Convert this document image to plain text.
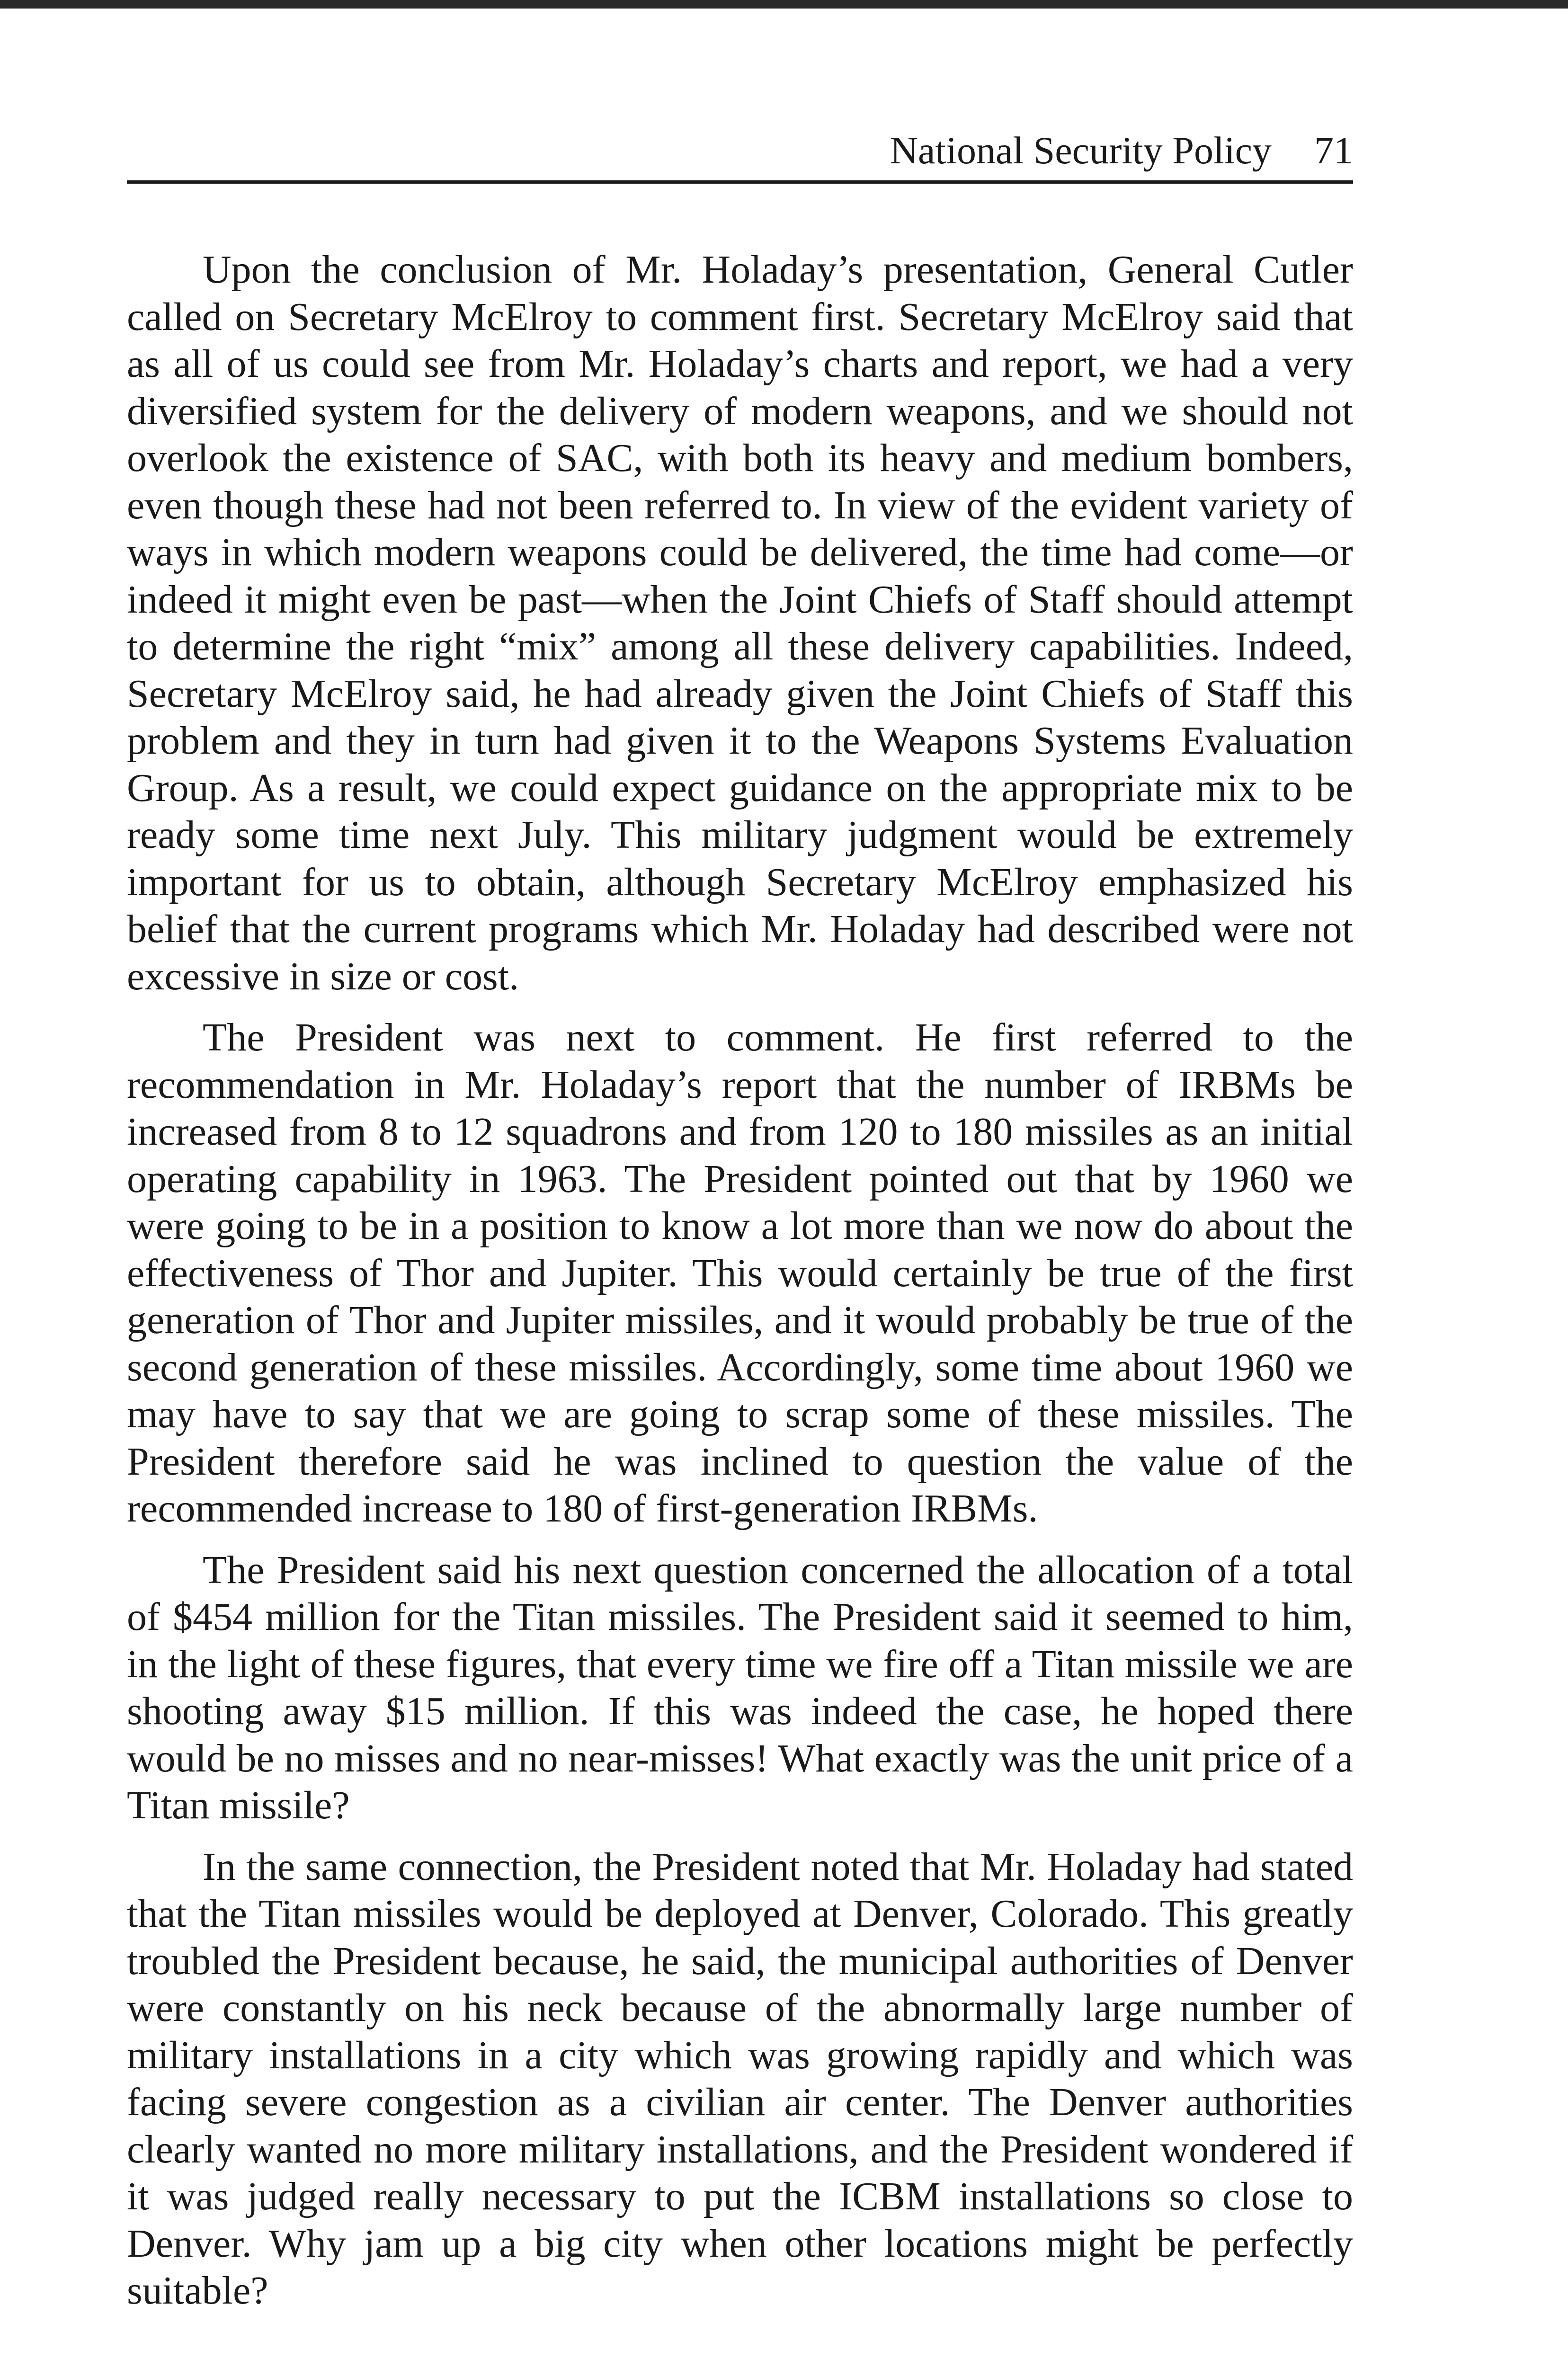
National Security Policy 71

Upon the conclusion of Mr. Holaday’s presentation, General Cutler called on Secretary McElroy to comment first. Secretary McElroy said that as all of us could see from Mr. Holaday’s charts and report, we had a very diversified system for the delivery of modern weapons, and we should not overlook the existence of SAC, with both its heavy and medium bombers, even though these had not been referred to. In view of the evident variety of ways in which modern weapons could be delivered, the time had come—or indeed it might even be past—when the Joint Chiefs of Staff should attempt to determine the right “mix” among all these delivery capabilities. Indeed, Secretary McElroy said, he had already given the Joint Chiefs of Staff this problem and they in turn had given it to the Weapons Systems Evaluation Group. As a result, we could expect guidance on the appropriate mix to be ready some time next July. This military judgment would be extremely important for us to obtain, although Secretary McElroy emphasized his belief that the current programs which Mr. Holaday had described were not excessive in size or cost.

The President was next to comment. He first referred to the recommendation in Mr. Holaday’s report that the number of IRBMs be increased from 8 to 12 squadrons and from 120 to 180 missiles as an initial operating capability in 1963. The President pointed out that by 1960 we were going to be in a position to know a lot more than we now do about the effectiveness of Thor and Jupiter. This would certainly be true of the first generation of Thor and Jupiter missiles, and it would probably be true of the second generation of these missiles. Accordingly, some time about 1960 we may have to say that we are going to scrap some of these missiles. The President therefore said he was inclined to question the value of the recommended increase to 180 of first-generation IRBMs.

The President said his next question concerned the allocation of a total of $454 million for the Titan missiles. The President said it seemed to him, in the light of these figures, that every time we fire off a Titan missile we are shooting away $15 million. If this was indeed the case, he hoped there would be no misses and no near-misses! What exactly was the unit price of a Titan missile?

In the same connection, the President noted that Mr. Holaday had stated that the Titan missiles would be deployed at Denver, Colorado. This greatly troubled the President because, he said, the municipal authorities of Denver were constantly on his neck because of the abnormally large number of military installations in a city which was growing rapidly and which was facing severe congestion as a civilian air center. The Denver authorities clearly wanted no more military installations, and the President wondered if it was judged really necessary to put the ICBM installations so close to Denver. Why jam up a big city when other locations might be perfectly suitable?
